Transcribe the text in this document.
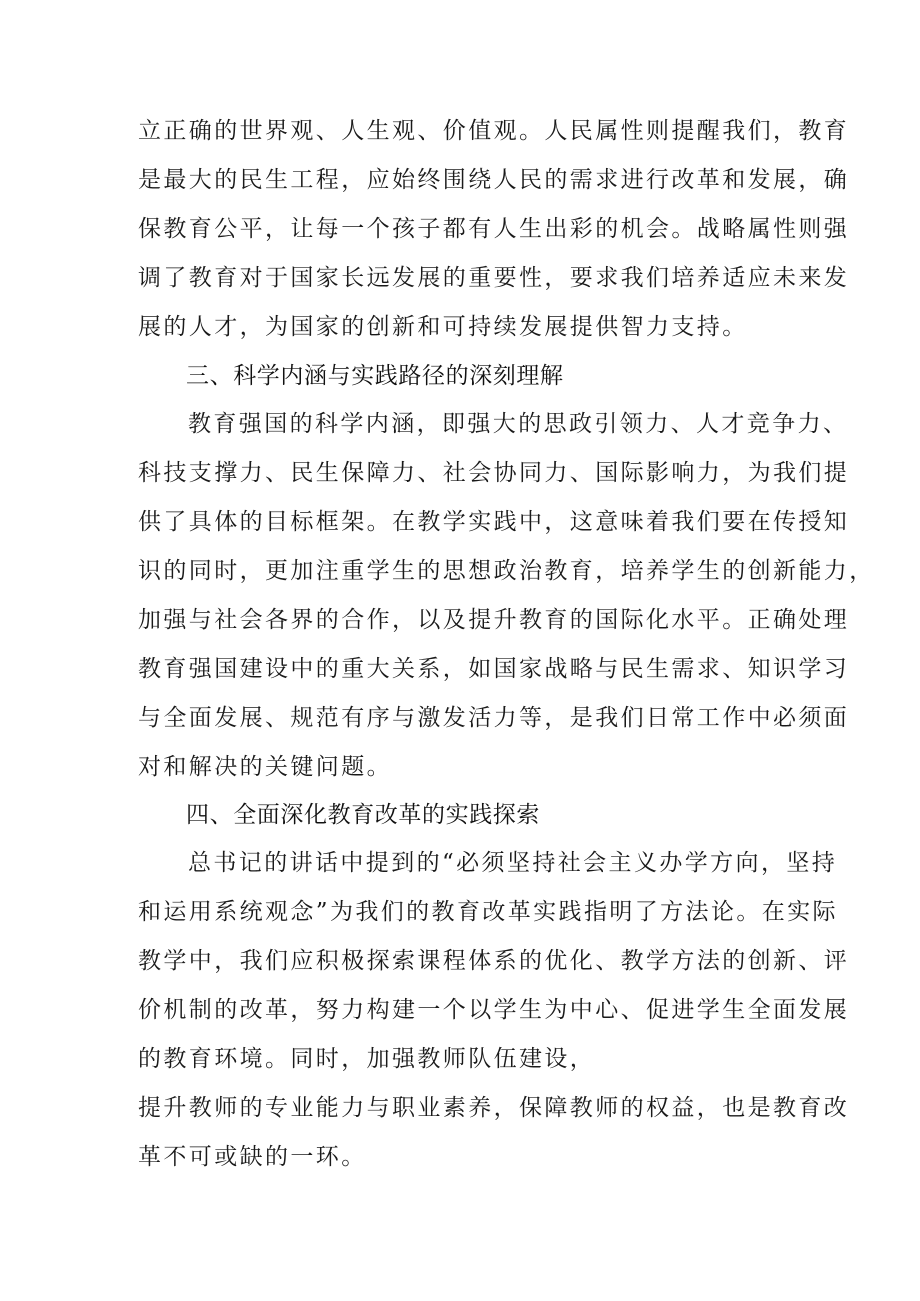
立正确的世界观、人生观、价值观。人民属性则提醒我们，教育
是最大的民生工程，应始终围绕人民的需求进行改革和发展，确
保教育公平，让每一个孩子都有人生出彩的机会。战略属性则强
调了教育对于国家长远发展的重要性，要求我们培养适应未来发
展的人才，为国家的创新和可持续发展提供智力支持。
三、科学内涵与实践路径的深刻理解
教育强国的科学内涵，即强大的思政引领力、人才竞争力、
科技支撑力、民生保障力、社会协同力、国际影响力，为我们提
供了具体的目标框架。在教学实践中，这意味着我们要在传授知
识的同时，更加注重学生的思想政治教育，培养学生的创新能力，
加强与社会各界的合作，以及提升教育的国际化水平。正确处理
教育强国建设中的重大关系，如国家战略与民生需求、知识学习
与全面发展、规范有序与激发活力等，是我们日常工作中必须面
对和解决的关键问题。
四、全面深化教育改革的实践探索
总书记的讲话中提到的“必须坚持社会主义办学方向，坚持
和运用系统观念”为我们的教育改革实践指明了方法论。在实际
教学中，我们应积极探索课程体系的优化、教学方法的创新、评
价机制的改革，努力构建一个以学生为中心、促进学生全面发展
的教育环境。同时，加强教师队伍建设，
提升教师的专业能力与职业素养，保障教师的权益，也是教育改
革不可或缺的一环。
